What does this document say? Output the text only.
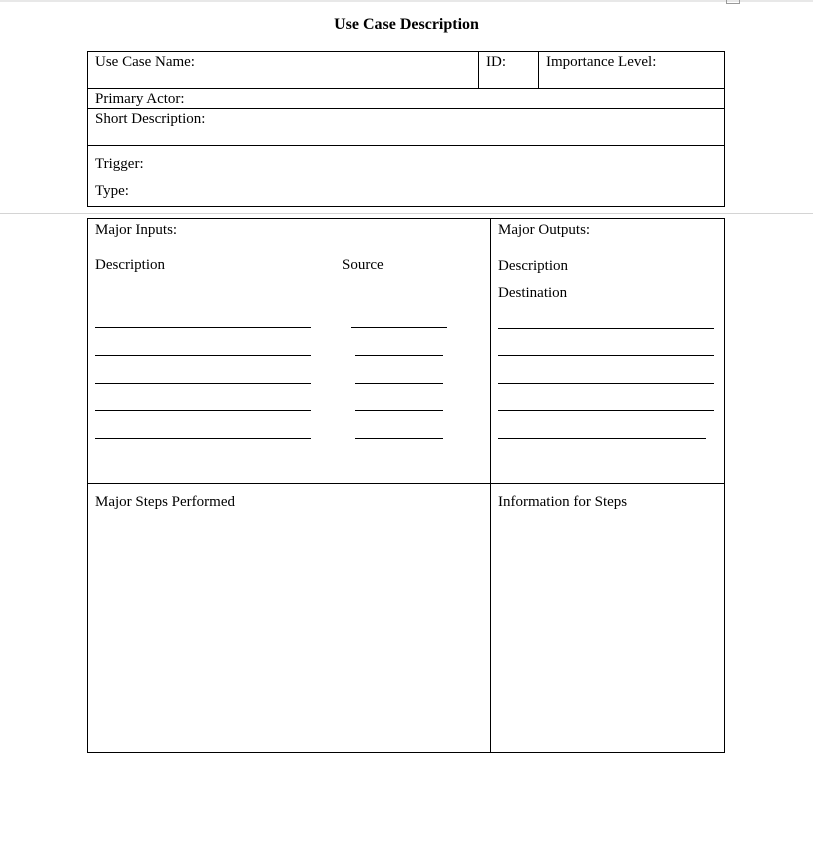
Use Case Description
Use Case Name:	ID:	Importance Level:
Primary Actor:
Short Description:
Trigger:
Type:
Major Inputs:
Description	Source
Major Outputs:
Description
Destination
Major Steps Performed	Information for Steps
